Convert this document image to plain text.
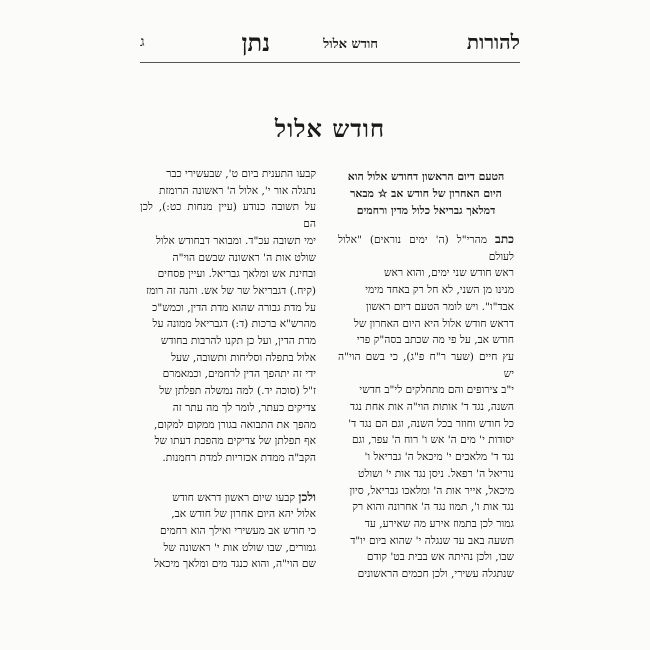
להורות
חודש אלול
נתן
ג
חודש אלול
הטעם דיום הראשון דחודש אלול הוא
היום האחרון של חודש אב ☆ מבאר
דמלאך גבריאל כלול מדין ורחמים

כתב מהרי"ל (ה' ימים נוראים) "אלול לעולם

ראש חודש שני ימים, והוא ראש
מנינו מן השני, לא חל רק באחד מימי
אבד"ו". ויש לומר הטעם דיום ראשון
דראש חודש אלול היא היום האחרון של
חודש אב, על פי מה שכתב בסה"ק פרי
עץ חיים (שער ר"ח פ"ג), כי בשם הוי"ה יש
י"ב צירופים והם מתחלקים לי"ב חדשי
השנה, נגד ד' אותות הוי"ה אות אחת נגד
כל חודש וחוזר בכל השנה, וגם הם נגד ד'
יסודות י' מים ה' אש ו' רוח ה' עפר, וגם
נגד ד' מלאכים י' מיכאל ה' גבריאל ו'
נוריאל ה' רפאל. ניסן נגד אות י' ושולט
מיכאל, אייר אות ה' ומלאכו גבריאל, סיון
נגד אות ו', תמוז נגד ה' אחרונה והוא רק
גמור לכן בתמוז אירע מה שאירע, עד
תשעה באב עד שנגלה י' שהוא ביום יו"ד
שבו, ולכן נהיתה אש בבית בט' קודם
שנתגלה עשירי, ולכן חכמים הראשונים
קבעו התענית ביום ט', שבעשירי כבר
נתגלה אור י', אלול ה' ראשונה הרומזת
על תשובה כנודע (עיין מנחות כט:), לכן הם
ימי תשובה עכ"ד. ומבואר דבחודש אלול
שולט אות ה' ראשונה שבשם הוי"ה
ובחינת אש ומלאך גבריאל. ועיין פסחים
(קיח.) דגבריאל שר של אש. והנה זה רומז
על מדת גבורה שהוא מדת הדין, וכמש"כ
מהרש"א ברכות (ד:) דגבריאל ממונה על
מדת הדין, ועל כן תקנו להרבות בחודש
אלול בתפלה וסליחות ותשובה, שעל
ידי זה יתהפך הדין לרחמים, וכמאמרם
ז"ל (סוכה יד.) למה נמשלה תפלתן של
צדיקים כעתר, לומר לך מה עתר זה
מהפך את התבואה בגורן ממקום למקום,
אף תפלתן של צדיקים מהפכת דעתו של
הקב"ה ממדת אכזריות למדת רחמנות.

ולכן קבעו שיום ראשון דראש חודש

אלול יהא היום אחרון של חודש אב,
כי חודש אב מעשירי ואילך הוא רחמים
גמורים, שבו שולט אות י' ראשונה של
שם הוי"ה, והוא כנגד מים ומלאך מיכאל
